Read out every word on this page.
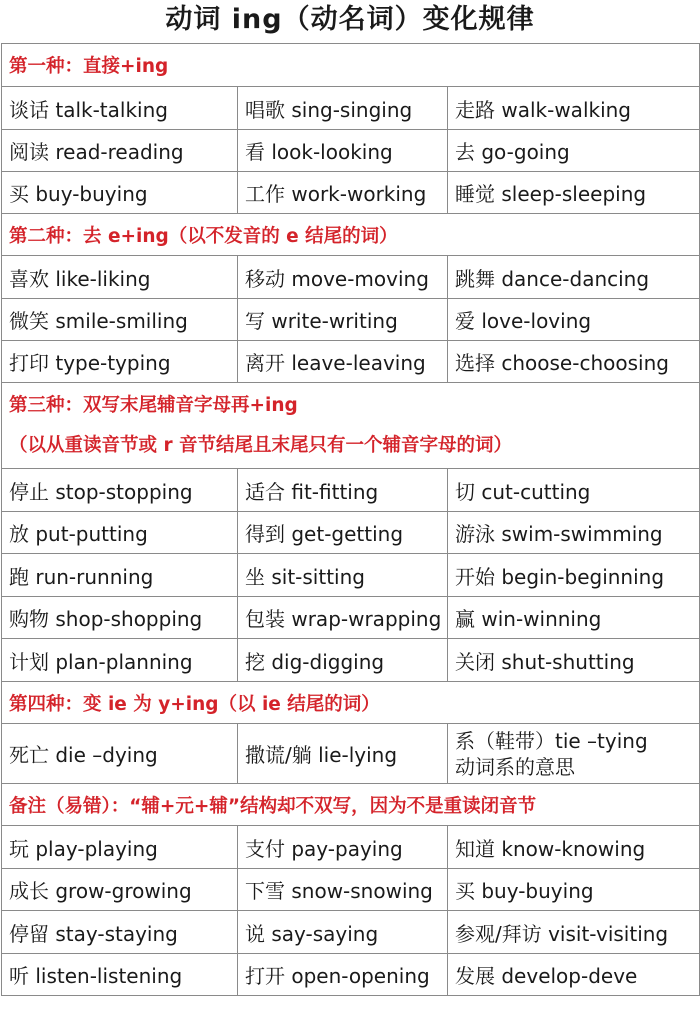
动词 ing（动名词）变化规律
第一种：直接+ing		
谈话 talk-talking	唱歌 sing-singing	走路 walk-walking
阅读 read-reading	看 look-looking	去 go-going
买 buy-buying	工作 work-working	睡觉 sleep-sleeping
第二种：去 e+ing（以不发音的 e 结尾的词）		
喜欢 like-liking	移动 move-moving	跳舞 dance-dancing
微笑 smile-smiling	写 write-writing	爱 love-loving
打印 type-typing	离开 leave-leaving	选择 choose-choosing

第三种：双写末尾辅音字母再+ing
（以从重读音节或 r 音节结尾且末尾只有一个辅音字母的词）		

停止 stop-stopping	适合 fit-fitting	切 cut-cutting
放 put-putting	得到 get-getting	游泳 swim-swimming
跑 run-running	坐 sit-sitting	开始 begin-beginning
购物 shop-shopping	包装 wrap-wrapping	赢 win-winning
计划 plan-planning	挖 dig-digging	关闭 shut-shutting
第四种：变 ie 为 y+ing（以 ie 结尾的词）		
死亡 die –dying	撒谎/躺 lie-lying	系（鞋带）tie –tying
动词系的意思

备注（易错）：“辅+元+辅”结构却不双写，因为不是重读闭音节		
玩 play-playing	支付 pay-paying	知道 know-knowing
成长 grow-growing	下雪 snow-snowing	买 buy-buying
停留 stay-staying	说 say-saying	参观/拜访 visit-visiting
听 listen-listening	打开 open-opening	发展 develop-deve
